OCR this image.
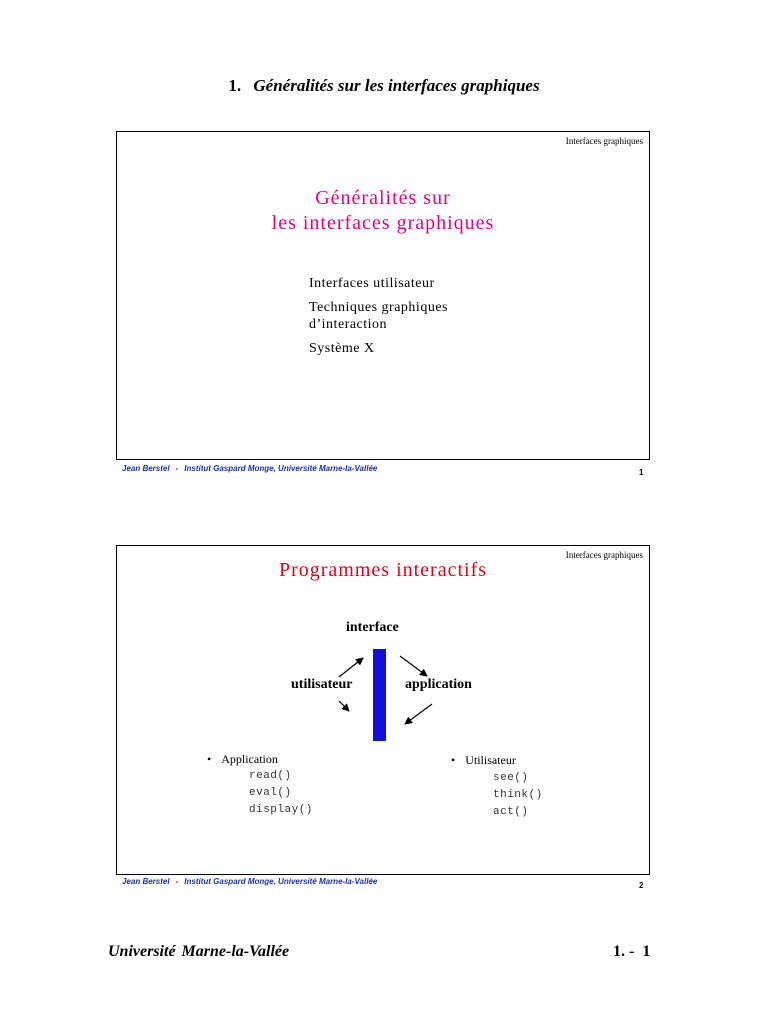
1. Généralités sur les interfaces graphiques
Interfaces graphiques
Généralités sur
les interfaces graphiques
Interfaces utilisateur
Techniques graphiques
d’interaction
Système X
Jean Berstel - Institut Gaspard Monge, Université Marne-la-Vallée	1
Interfaces graphiques
Programmes interactifs
interface
utilisateur	application
• Application
read()
eval()
display()
• Utilisateur
see()
think()
act()
Jean Berstel - Institut Gaspard Monge, Université Marne-la-Vallée	2
Université Marne-la-Vallée	1. -  1
